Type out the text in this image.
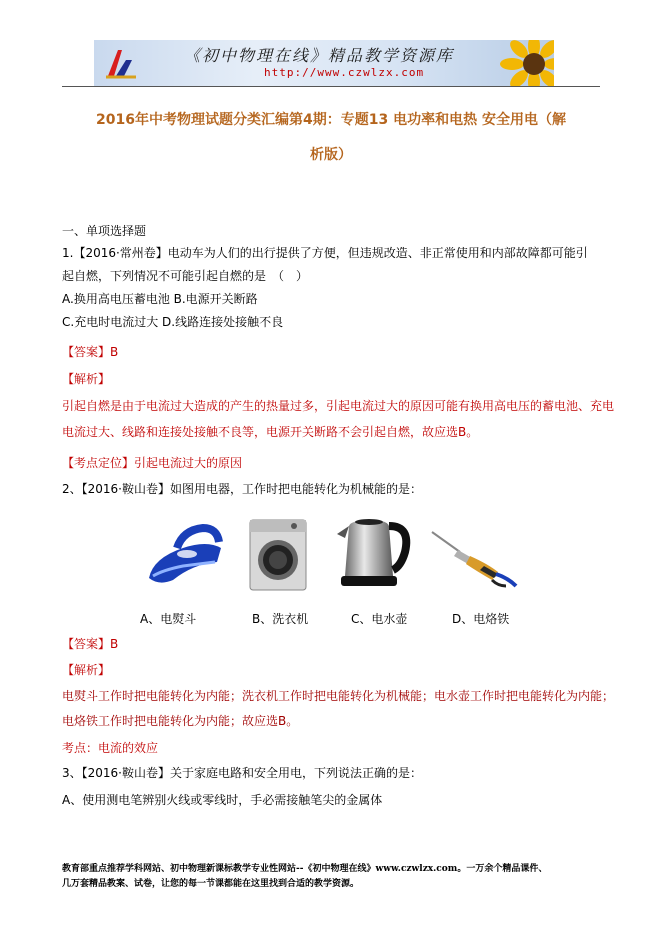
《初中物理在线》精品教学资源库
http://www.czwlzx.com
2016年中考物理试题分类汇编第4期：专题13 电功率和电热 安全用电（解
析版）
一、单项选择题
1.【2016·常州卷】电动车为人们的出行提供了方便，但违规改造、非正常使用和内部故障都可能引
起自燃，下列情况不可能引起自燃的是　（　）
A.换用高电压蓄电池 B.电源开关断路
C.充电时电流过大 D.线路连接处接触不良
【答案】B
【解析】
引起自燃是由于电流过大造成的产生的热量过多，引起电流过大的原因可能有换用高电压的蓄电池、充电
电流过大、线路和连接处接触不良等，电源开关断路不会引起自燃，故应选B。
【考点定位】引起电流过大的原因
2、【2016·鞍山卷】如图用电器，工作时把电能转化为机械能的是：
A、电熨斗	B、洗衣机	C、电水壶	D、电烙铁
【答案】B
【解析】
电熨斗工作时把电能转化为内能；洗衣机工作时把电能转化为机械能；电水壶工作时把电能转化为内能；
电烙铁工作时把电能转化为内能；故应选B。
考点：电流的效应
3、【2016·鞍山卷】关于家庭电路和安全用电，下列说法正确的是：
A、使用测电笔辨别火线或零线时，手必需接触笔尖的金属体
教育部重点推荐学科网站、初中物理新课标教学专业性网站--《初中物理在线》www.czwlzx.com。一万余个精品课件、
几万套精品教案、试卷，让您的每一节课都能在这里找到合适的教学资源。
